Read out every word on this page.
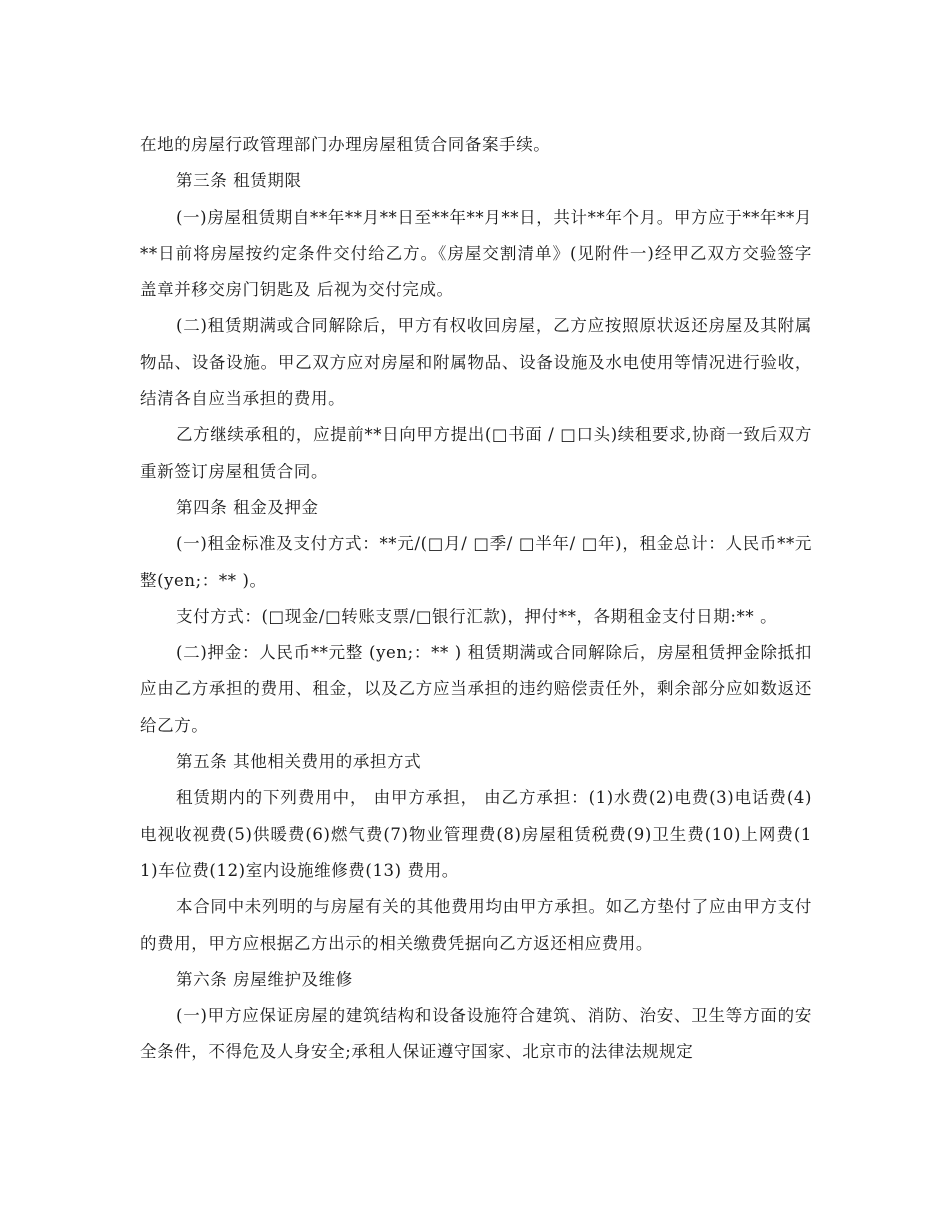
在地的房屋行政管理部门办理房屋租赁合同备案手续。

第三条 租赁期限

(一)房屋租赁期自**年**月**日至**年**月**日，共计**年个月。甲方应于**年**月**日前将房屋按约定条件交付给乙方。《房屋交割清单》(见附件一)经甲乙双方交验签字盖章并移交房门钥匙及 后视为交付完成。

(二)租赁期满或合同解除后，甲方有权收回房屋，乙方应按照原状返还房屋及其附属物品、设备设施。甲乙双方应对房屋和附属物品、设备设施及水电使用等情况进行验收，结清各自应当承担的费用。

乙方继续承租的，应提前**日向甲方提出(□书面 / □口头)续租要求,协商一致后双方重新签订房屋租赁合同。

第四条 租金及押金

(一)租金标准及支付方式：**元/(□月/ □季/ □半年/ □年)，租金总计：人民币**元整(yen;：** )。

支付方式：(□现金/□转账支票/□银行汇款)，押付**，各期租金支付日期:** 。

(二)押金：人民币**元整 (yen;：** ) 租赁期满或合同解除后，房屋租赁押金除抵扣应由乙方承担的费用、租金，以及乙方应当承担的违约赔偿责任外，剩余部分应如数返还给乙方。

第五条 其他相关费用的承担方式

租赁期内的下列费用中， 由甲方承担， 由乙方承担：(1)水费(2)电费(3)电话费(4)电视收视费(5)供暖费(6)燃气费(7)物业管理费(8)房屋租赁税费(9)卫生费(10)上网费(11)车位费(12)室内设施维修费(13) 费用。

本合同中未列明的与房屋有关的其他费用均由甲方承担。如乙方垫付了应由甲方支付的费用，甲方应根据乙方出示的相关缴费凭据向乙方返还相应费用。

第六条 房屋维护及维修

(一)甲方应保证房屋的建筑结构和设备设施符合建筑、消防、治安、卫生等方面的安全条件，不得危及人身安全;承租人保证遵守国家、北京市的法律法规规定
